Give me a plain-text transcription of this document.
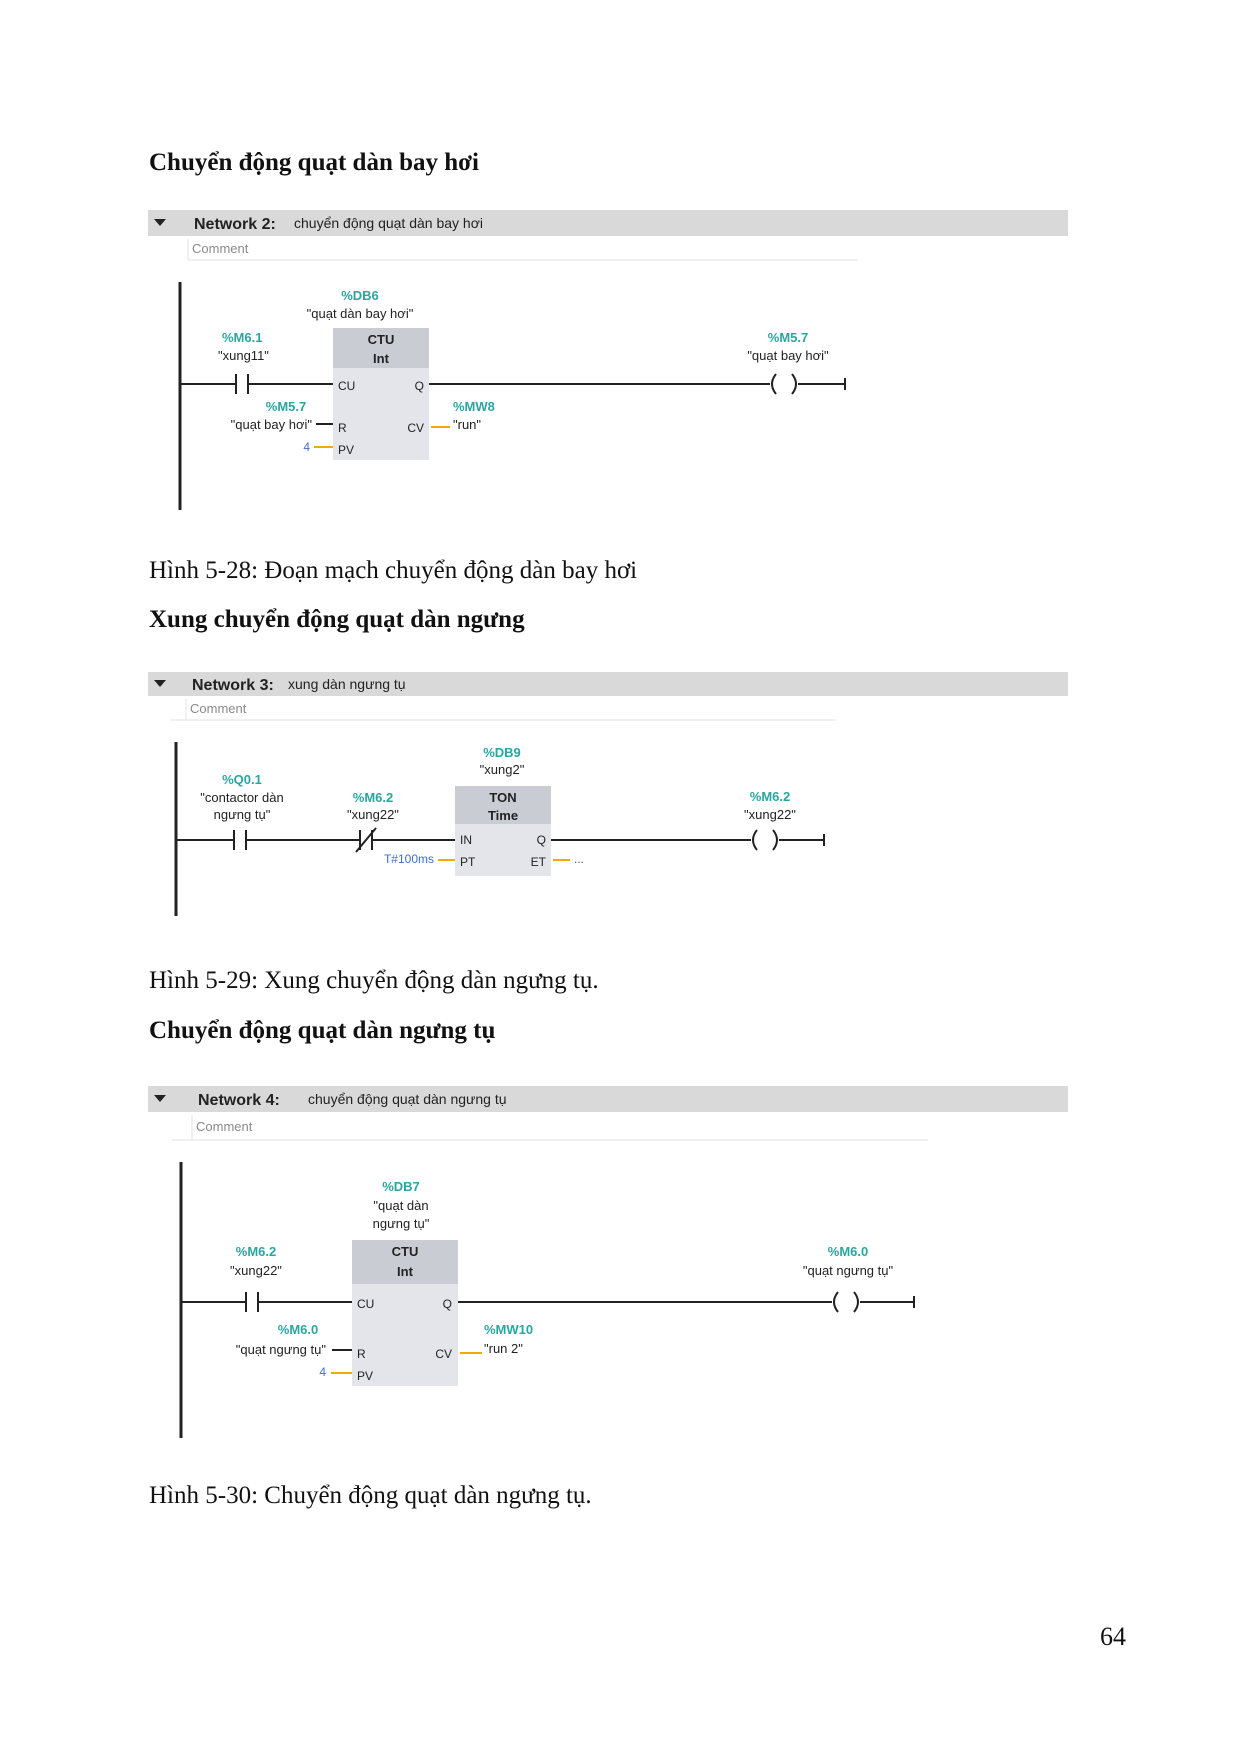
Chuyển động quạt dàn bay hơi
Network 2: chuyển động quạt dàn bay hơi
Comment
%M6.1
"xung11"
%DB6
"quạt dàn bay hơi"
CTU
Int
CU	Q
R
PV
CV
%M5.7
"quạt bay hơi"
4
%MW8
"run"
%M5.7
"quạt bay hơi"
Hình 5-28: Đoạn mạch chuyển động dàn bay hơi
Xung chuyển động quạt dàn ngưng
Network 3: xung dàn ngưng tụ
Comment
%Q0.1
"contactor dàn
ngưng tụ"
%M6.2
"xung22"
%DB9
"xung2"
TON
Time
IN	Q
PT	ET
T#100ms	...
%M6.2
"xung22"
Hình 5-29: Xung chuyển động dàn ngưng tụ.
Chuyển động quạt dàn ngưng tụ
Network 4: chuyển động quạt dàn ngưng tụ
Comment
%M6.2
"xung22"
%DB7
"quạt dàn
ngưng tụ"
CTU
Int
CU	Q
R
PV
CV
%M6.0
"quạt ngưng tụ"
4
%MW10
"run 2"
%M6.0
"quạt ngưng tụ"
Hình 5-30: Chuyển động quạt dàn ngưng tụ.
64
